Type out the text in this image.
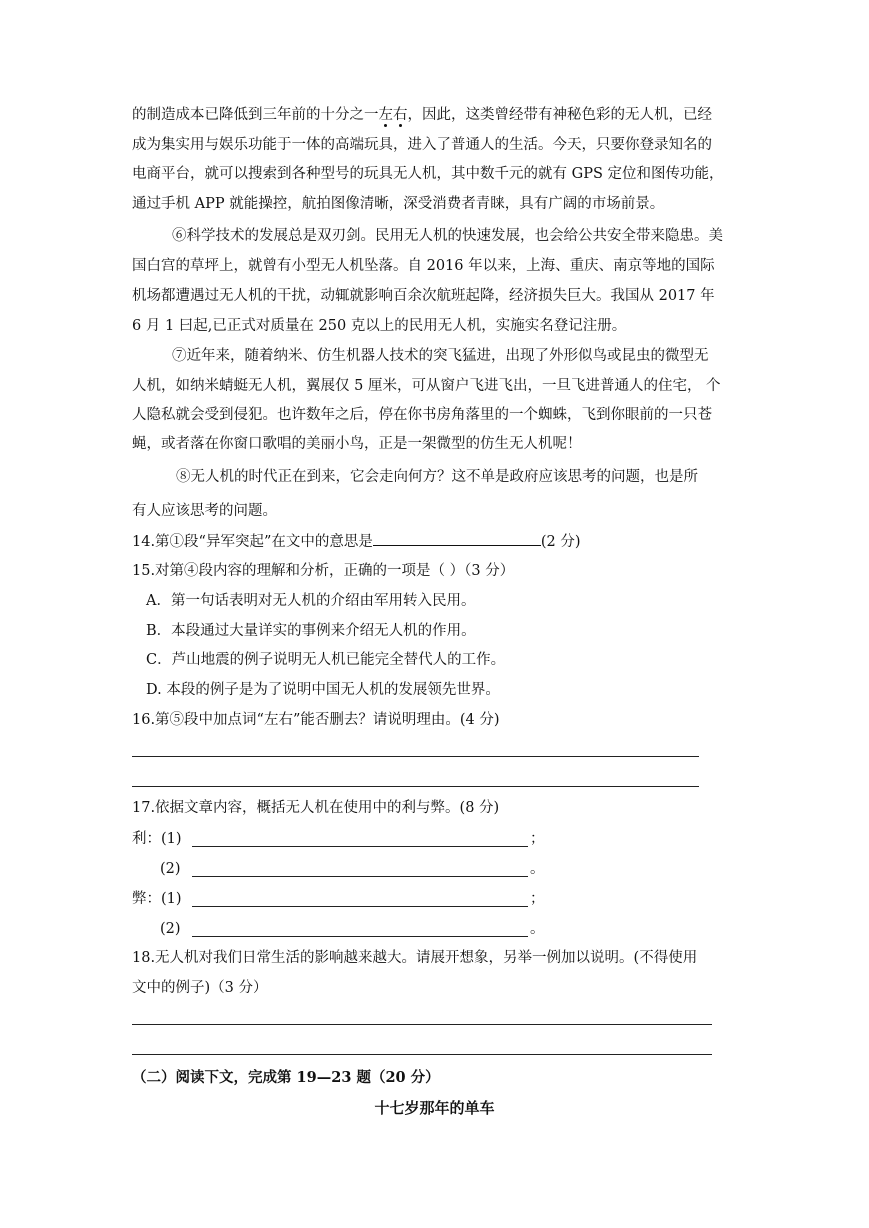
的制造成本已降低到三年前的十分之一左右，因此，这类曾经带有神秘色彩的无人机，已经
成为集实用与娱乐功能于一体的高端玩具，进入了普通人的生活。今天，只要你登录知名的
电商平台，就可以搜索到各种型号的玩具无人机，其中数千元的就有 GPS 定位和图传功能，
通过手机 APP 就能操控，航拍图像清晰，深受消费者青睐，具有广阔的市场前景。
⑥科学技术的发展总是双刃剑。民用无人机的快速发展，也会给公共安全带来隐患。美
国白宫的草坪上，就曾有小型无人机坠落。自 2016 年以来，上海、重庆、南京等地的国际
机场都遭遇过无人机的干扰，动辄就影响百余次航班起降，经济损失巨大。我国从 2017 年
6 月 1 曰起,已正式对质量在 250 克以上的民用无人机，实施实名登记注册。
⑦近年来，随着纳米、仿生机器人技术的突飞猛进，出现了外形似鸟或昆虫的微型无
人机，如纳米蜻蜓无人机，翼展仅 5 厘米，可从窗户飞进飞出，一旦飞进普通人的住宅， 个
人隐私就会受到侵犯。也许数年之后，停在你书房角落里的一个蜘蛛，飞到你眼前的一只苍
蝇，或者落在你窗口歌唱的美丽小鸟，正是一架微型的仿生无人机呢！
⑧无人机的时代正在到来，它会走向何方？这不单是政府应该思考的问题，也是所
有人应该思考的问题。
14.第①段“异军突起”在文中的意思是	(2 分)
15.对第④段内容的理解和分析，正确的一项是（ ）（3 分）
A．第一句话表明对无人机的介绍由军用转入民用。
B．本段通过大量详实的事例来介绍无人机的作用。
C．芦山地震的例子说明无人机已能完全替代人的工作。
D. 本段的例子是为了说明中国无人机的发展领先世界。
16.第⑤段中加点词“左右”能否删去？请说明理由。(4 分)
17.依据文章内容，概括无人机在使用中的利与弊。(8 分)
利：(1)	；
(2)	。
弊：(1)	；
(2)	。
18.无人机对我们日常生活的影响越来越大。请展开想象，另举一例加以说明。(不得使用
文中的例子)（3 分）
（二）阅读下文，完成第 19—23 题（20 分）
十七岁那年的单车
